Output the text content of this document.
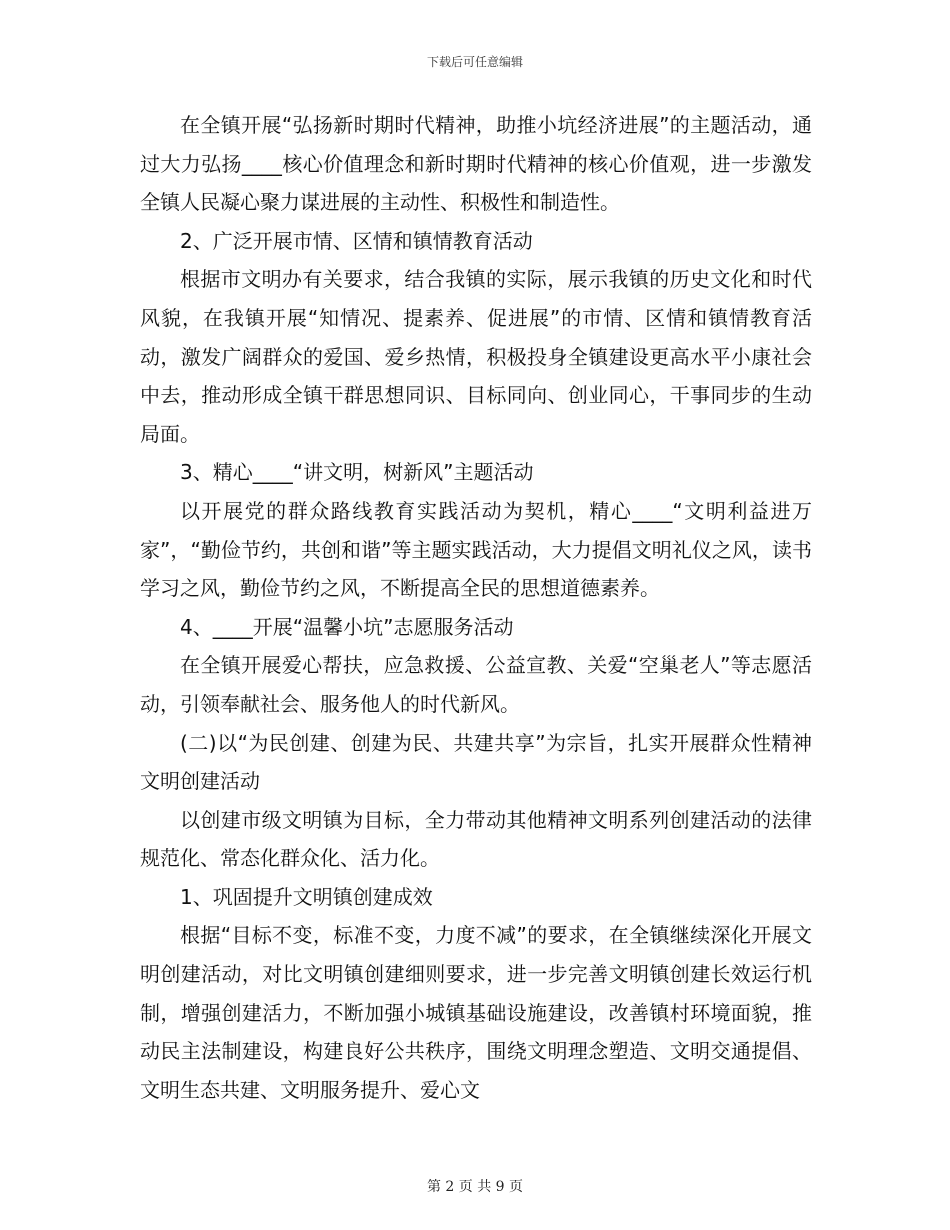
下载后可任意编辑

在全镇开展“弘扬新时期时代精神，助推小坑经济进展”的主题活动，通过大力弘扬____核心价值理念和新时期时代精神的核心价值观，进一步激发全镇人民凝心聚力谋进展的主动性、积极性和制造性。

2、广泛开展市情、区情和镇情教育活动

根据市文明办有关要求，结合我镇的实际，展示我镇的历史文化和时代风貌，在我镇开展“知情况、提素养、促进展”的市情、区情和镇情教育活动，激发广阔群众的爱国、爱乡热情，积极投身全镇建设更高水平小康社会中去，推动形成全镇干群思想同识、目标同向、创业同心，干事同步的生动局面。

3、精心____“讲文明，树新风”主题活动

以开展党的群众路线教育实践活动为契机，精心____“文明利益进万家”，“勤俭节约，共创和谐”等主题实践活动，大力提倡文明礼仪之风，读书学习之风，勤俭节约之风，不断提高全民的思想道德素养。

4、____开展“温馨小坑”志愿服务活动

在全镇开展爱心帮扶，应急救援、公益宣教、关爱“空巢老人”等志愿活动，引领奉献社会、服务他人的时代新风。

(二)以“为民创建、创建为民、共建共享”为宗旨，扎实开展群众性精神文明创建活动

以创建市级文明镇为目标，全力带动其他精神文明系列创建活动的法律规范化、常态化群众化、活力化。

1、巩固提升文明镇创建成效

根据“目标不变，标准不变，力度不减”的要求，在全镇继续深化开展文明创建活动，对比文明镇创建细则要求，进一步完善文明镇创建长效运行机制，增强创建活力，不断加强小城镇基础设施建设，改善镇村环境面貌，推动民主法制建设，构建良好公共秩序，围绕文明理念塑造、文明交通提倡、文明生态共建、文明服务提升、爱心文

第 2 页 共 9 页
